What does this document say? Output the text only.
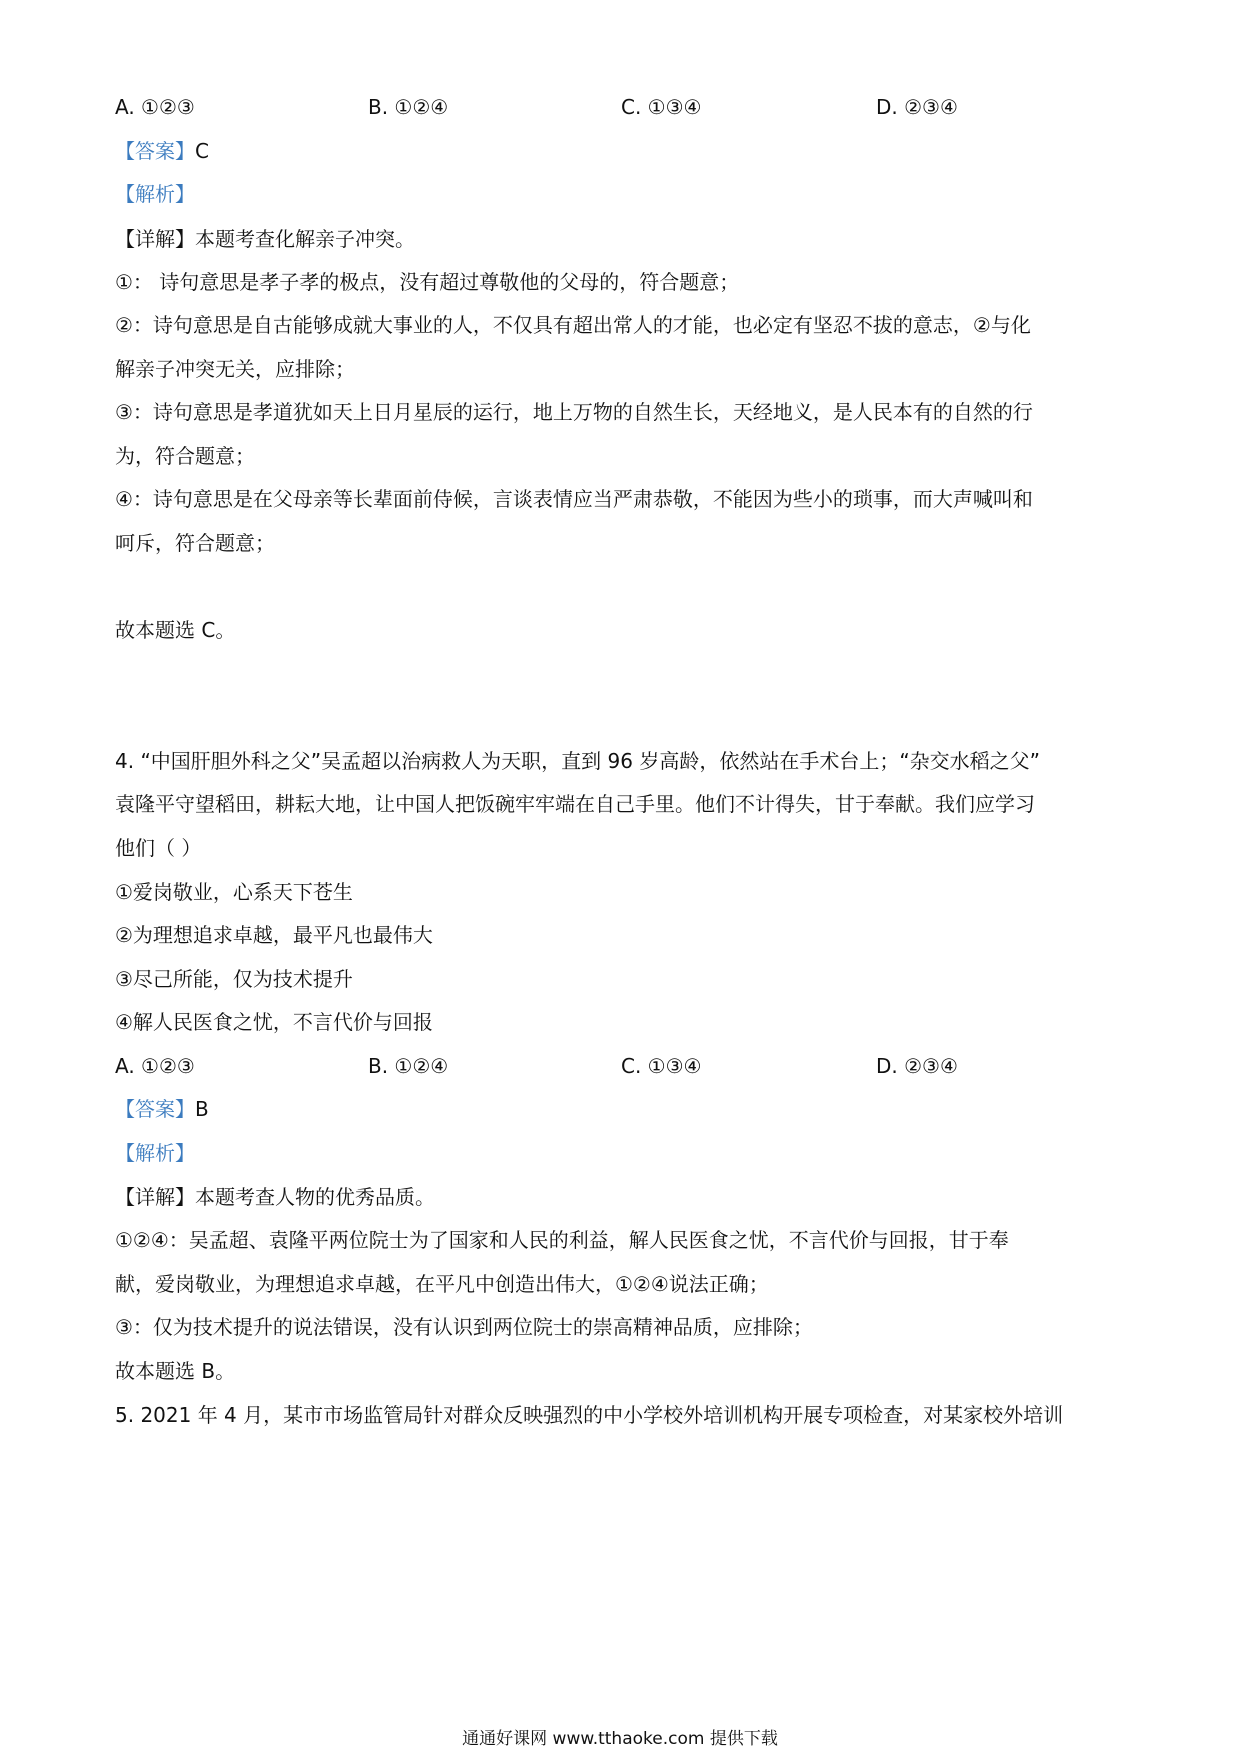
A. ①②③	B. ①②④	C. ①③④	D. ②③④
【答案】C
【解析】
【详解】本题考查化解亲子冲突。
①： 诗句意思是孝子孝的极点，没有超过尊敬他的父母的，符合题意；
②：诗句意思是自古能够成就大事业的人，不仅具有超出常人的才能，也必定有坚忍不拔的意志，②与化
解亲子冲突无关，应排除；
③：诗句意思是孝道犹如天上日月星辰的运行，地上万物的自然生长，天经地义，是人民本有的自然的行
为，符合题意；
④：诗句意思是在父母亲等长辈面前侍候，言谈表情应当严肃恭敬，不能因为些小的琐事，而大声喊叫和
呵斥，符合题意；
故本题选 C。
4. “中国肝胆外科之父”吴孟超以治病救人为天职，直到 96 岁高龄，依然站在手术台上；“杂交水稻之父”
袁隆平守望稻田，耕耘大地，让中国人把饭碗牢牢端在自己手里。他们不计得失，甘于奉献。我们应学习
他们（ ）
①爱岗敬业，心系天下苍生
②为理想追求卓越，最平凡也最伟大
③尽己所能，仅为技术提升
④解人民医食之忧，不言代价与回报
A. ①②③	B. ①②④	C. ①③④	D. ②③④
【答案】B
【解析】
【详解】本题考查人物的优秀品质。
①②④：吴孟超、袁隆平两位院士为了国家和人民的利益，解人民医食之忧，不言代价与回报，甘于奉
献，爱岗敬业，为理想追求卓越，在平凡中创造出伟大，①②④说法正确；
③：仅为技术提升的说法错误，没有认识到两位院士的崇高精神品质，应排除；
故本题选 B。
5. 2021 年 4 月，某市市场监管局针对群众反映强烈的中小学校外培训机构开展专项检查，对某家校外培训
通通好课网 www.tthaoke.com 提供下载
